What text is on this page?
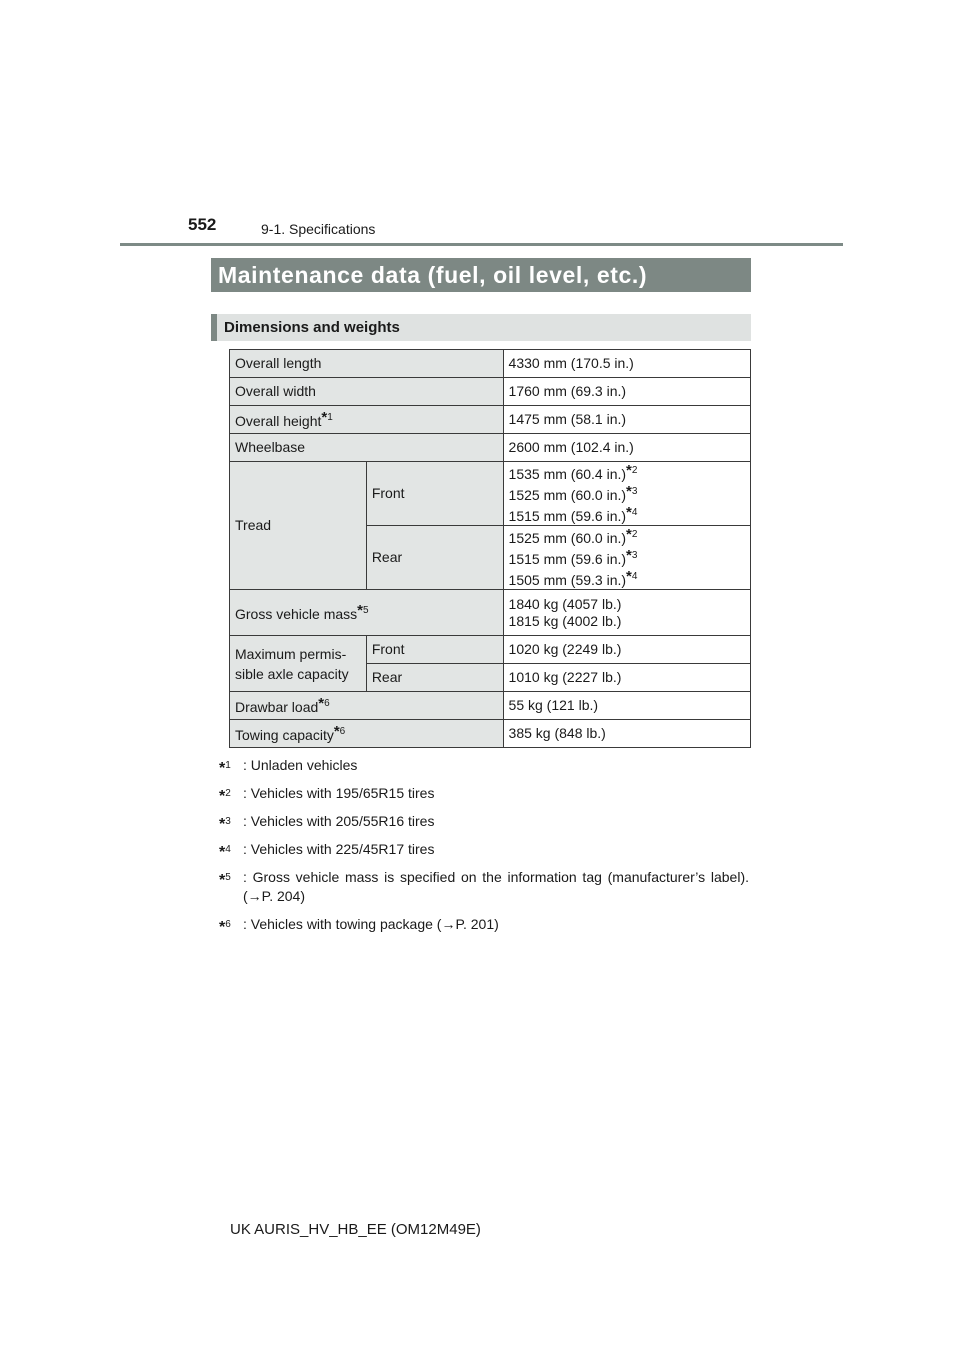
552	9-1. Specifications
Maintenance data (fuel, oil level, etc.)
Dimensions and weights
Overall length		4330 mm (170.5 in.)
Overall width		1760 mm (69.3 in.)
Overall height$^{*1}$		1475 mm (58.1 in.)
Wheelbase		2600 mm (102.4 in.)
Tread	Front	1535 mm (60.4 in.)$^{*2}$
1525 mm (60.0 in.)$^{*3}$
1515 mm (59.6 in.)$^{*4}$

	Rear	1525 mm (60.0 in.)$^{*2}$
1515 mm (59.6 in.)$^{*3}$
1505 mm (59.3 in.)$^{*4}$

Gross vehicle mass$^{*5}$		1840 kg (4057 lb.)
1815 kg (4002 lb.)

Maximum permis-
sible axle capacity	Front	1020 kg (2249 lb.)
	Rear	1010 kg (2227 lb.)
Drawbar load$^{*6}$		55 kg (121 lb.)
Towing capacity$^{*6}$		385 kg (848 lb.)
*$^1$ : Unladen vehicles
*$^2$ : Vehicles with 195/65R15 tires
*$^3$ : Vehicles with 205/55R16 tires
*$^4$ : Vehicles with 225/45R17 tires
*$^5$ : Gross vehicle mass is specified on the information tag (manufacturer’s label). (→P. 204)
*$^6$ : Vehicles with towing package (→P. 201)
UK AURIS_HV_HB_EE (OM12M49E)
